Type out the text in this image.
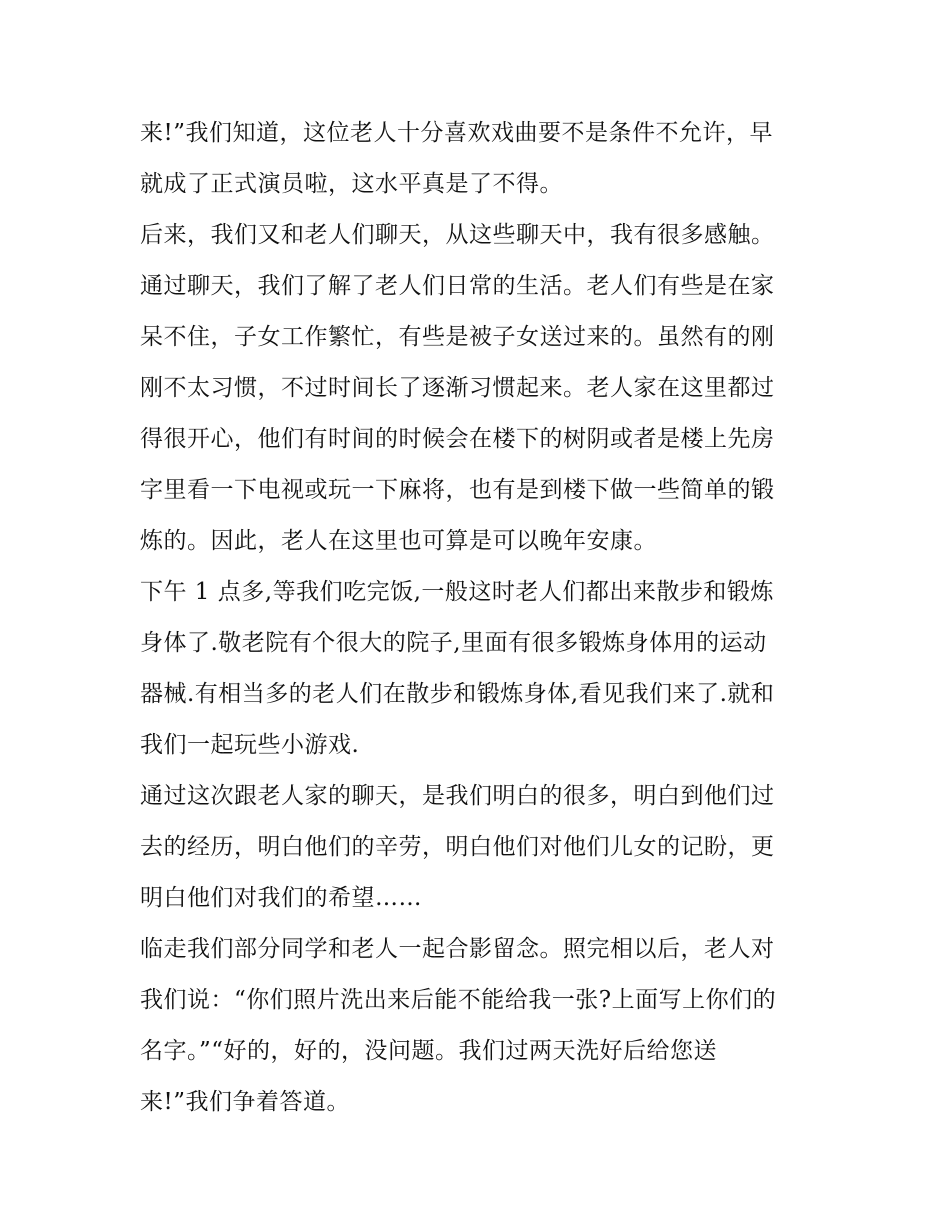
来!”我们知道，这位老人十分喜欢戏曲要不是条件不允许，早
就成了正式演员啦，这水平真是了不得。
后来，我们又和老人们聊天，从这些聊天中，我有很多感触。
通过聊天，我们了解了老人们日常的生活。老人们有些是在家
呆不住，子女工作繁忙，有些是被子女送过来的。虽然有的刚
刚不太习惯，不过时间长了逐渐习惯起来。老人家在这里都过
得很开心，他们有时间的时候会在楼下的树阴或者是楼上先房
字里看一下电视或玩一下麻将，也有是到楼下做一些简单的锻
炼的。因此，老人在这里也可算是可以晚年安康。
下午 1 点多,等我们吃完饭,一般这时老人们都出来散步和锻炼
身体了.敬老院有个很大的院子,里面有很多锻炼身体用的运动
器械.有相当多的老人们在散步和锻炼身体,看见我们来了.就和
我们一起玩些小游戏.
通过这次跟老人家的聊天，是我们明白的很多，明白到他们过
去的经历，明白他们的辛劳，明白他们对他们儿女的记盼，更
明白他们对我们的希望……
临走我们部分同学和老人一起合影留念。照完相以后，老人对
我们说：“你们照片洗出来后能不能给我一张?上面写上你们的
名字。”“好的，好的，没问题。我们过两天洗好后给您送
来!”我们争着答道。
